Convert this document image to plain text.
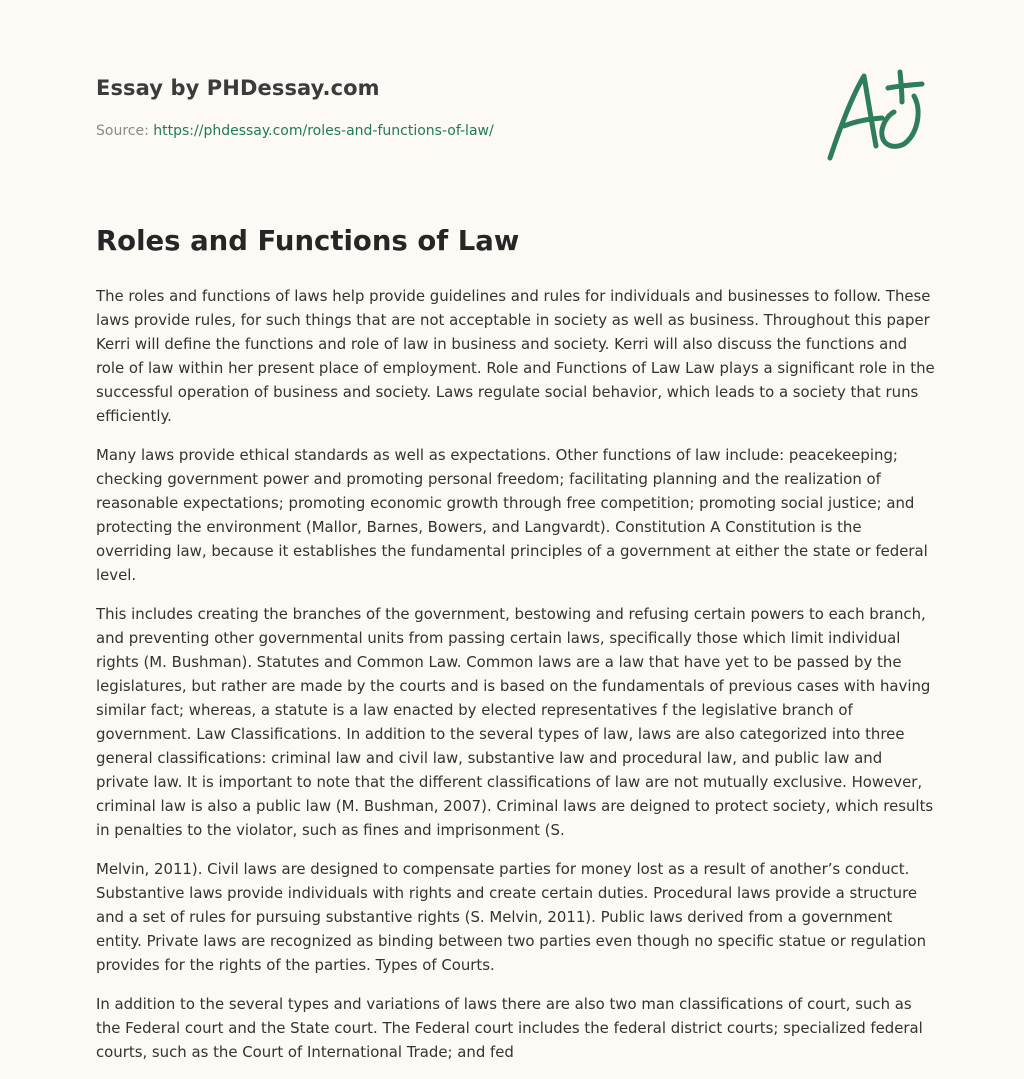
Essay by PHDessay.com
Source: https://phdessay.com/roles-and-functions-of-law/
Roles and Functions of Law

The roles and functions of laws help provide guidelines and rules for individuals and businesses to follow. These laws provide rules, for such things that are not acceptable in society as well as business. Throughout this paper Kerri will define the functions and role of law in business and society. Kerri will also discuss the functions and role of law within her present place of employment. Role and Functions of Law Law plays a significant role in the successful operation of business and society. Laws regulate social behavior, which leads to a society that runs efficiently.

Many laws provide ethical standards as well as expectations. Other functions of law include: peacekeeping; checking government power and promoting personal freedom; facilitating planning and the realization of reasonable expectations; promoting economic growth through free competition; promoting social justice; and protecting the environment (Mallor, Barnes, Bowers, and Langvardt). Constitution A Constitution is the overriding law, because it establishes the fundamental principles of a government at either the state or federal level.

This includes creating the branches of the government, bestowing and refusing certain powers to each branch, and preventing other governmental units from passing certain laws, specifically those which limit individual rights (M. Bushman). Statutes and Common Law. Common laws are a law that have yet to be passed by the legislatures, but rather are made by the courts and is based on the fundamentals of previous cases with having similar fact; whereas, a statute is a law enacted by elected representatives f the legislative branch of government. Law Classifications. In addition to the several types of law, laws are also categorized into three general classifications: criminal law and civil law, substantive law and procedural law, and public law and private law. It is important to note that the different classifications of law are not mutually exclusive. However, criminal law is also a public law (M. Bushman, 2007). Criminal laws are deigned to protect society, which results in penalties to the violator, such as fines and imprisonment (S.

Melvin, 2011). Civil laws are designed to compensate parties for money lost as a result of another’s conduct. Substantive laws provide individuals with rights and create certain duties. Procedural laws provide a structure and a set of rules for pursuing substantive rights (S. Melvin, 2011). Public laws derived from a government entity. Private laws are recognized as binding between two parties even though no specific statue or regulation provides for the rights of the parties. Types of Courts.

In addition to the several types and variations of laws there are also two man classifications of court, such as the Federal court and the State court. The Federal court includes the federal district courts; specialized federal courts, such as the Court of International Trade; and fed
